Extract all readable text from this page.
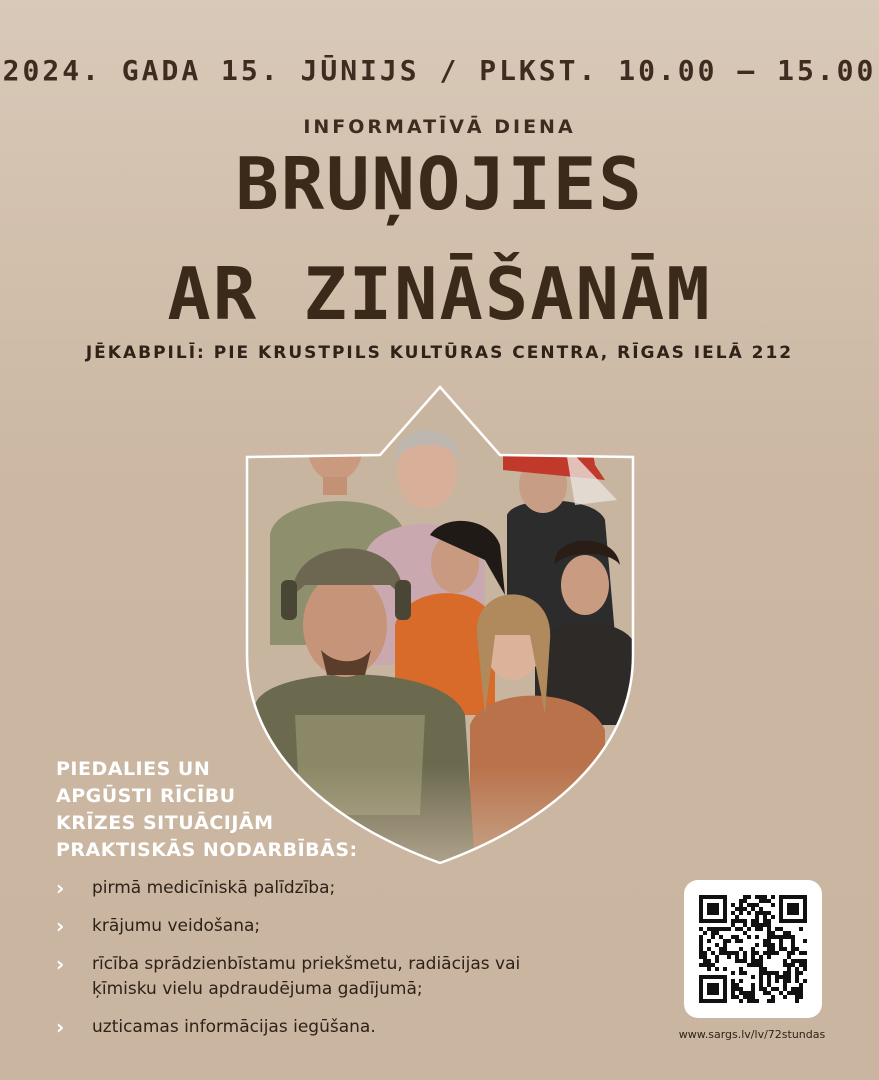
2024. GADA 15. JŪNIJS / PLKST. 10.00 – 15.00
INFORMATĪVĀ DIENA
BRUŅOJIES
AR ZINĀŠANĀM
JĒKABPILĪ: PIE KRUSTPILS KULTŪRAS CENTRA, RĪGAS IELĀ 212
PIEDALIES UN
APGŪSTI RĪCĪBU
KRĪZES SITUĀCIJĀM
PRAKTISKĀS NODARBĪBĀS:
› pirmā medicīniskā palīdzība;
› krājumu veidošana;
› rīcība sprādzienbīstamu priekšmetu, radiācijas vai ķīmisku vielu apdraudējuma gadījumā;
› uzticamas informācijas iegūšana.	www.sargs.lv/lv/72stundas
